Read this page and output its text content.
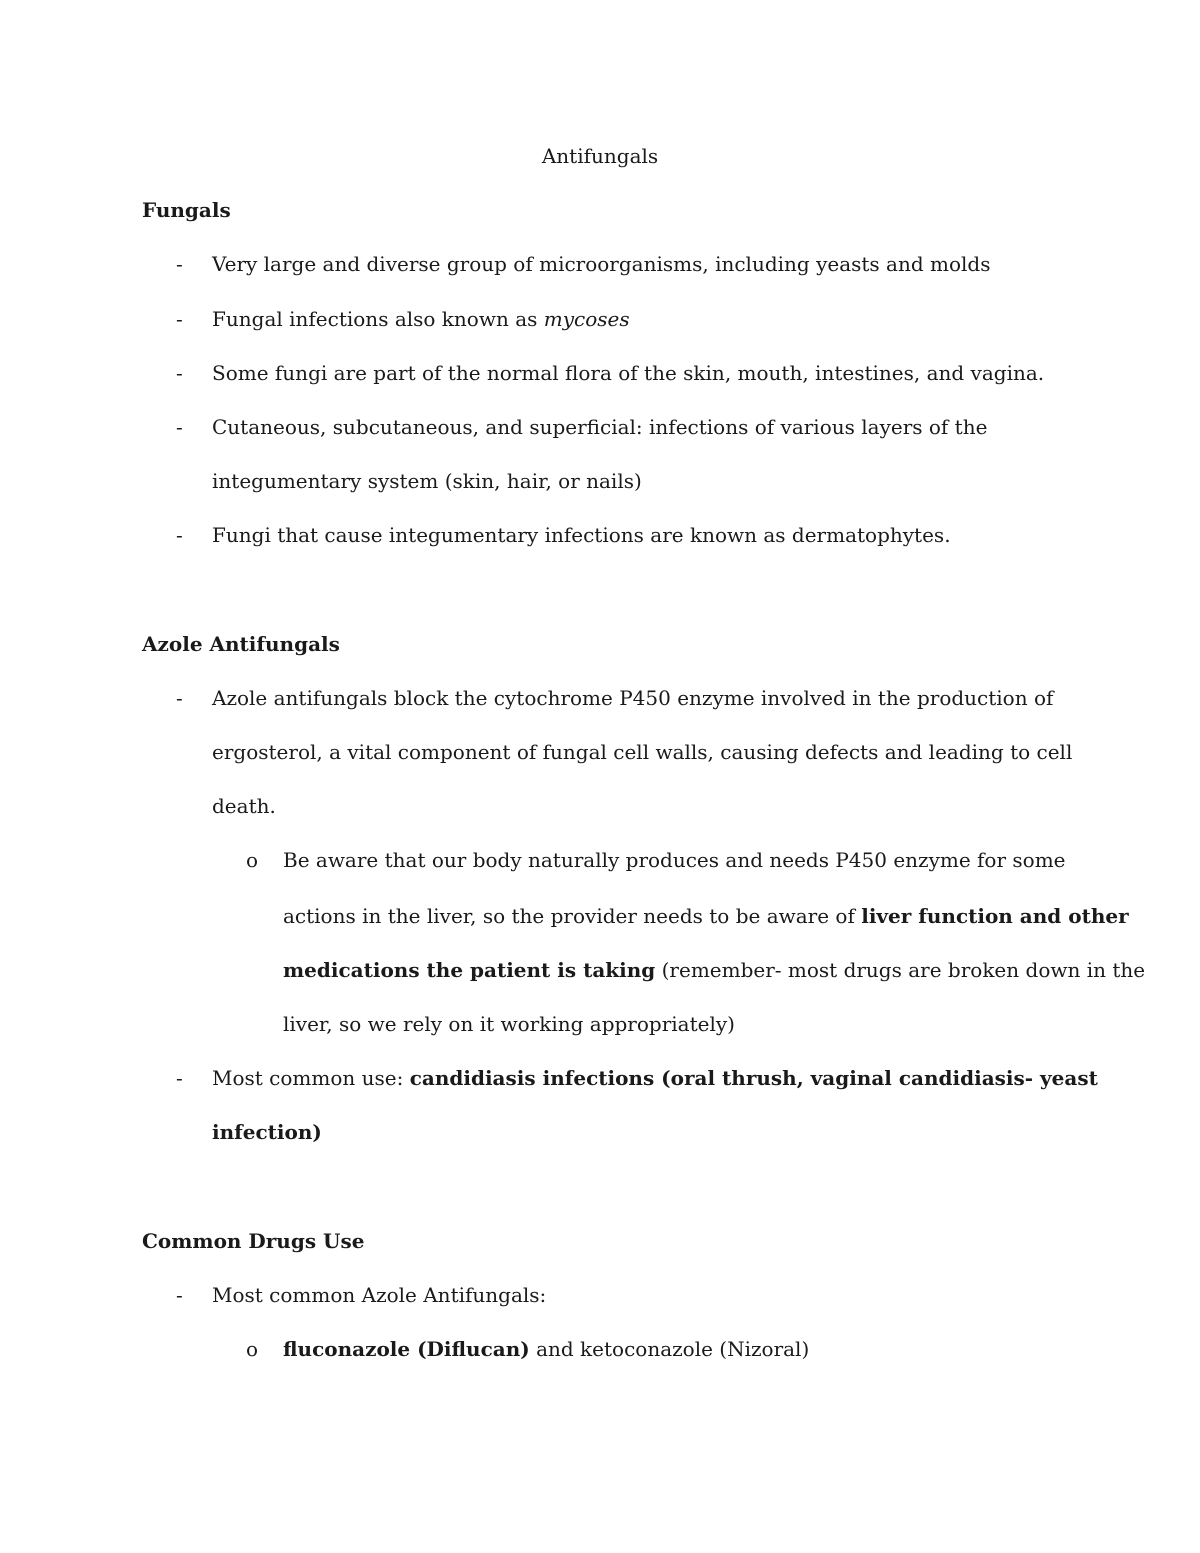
Antifungals
Fungals
- Very large and diverse group of microorganisms, including yeasts and molds
- Fungal infections also known as mycoses
- Some fungi are part of the normal flora of the skin, mouth, intestines, and vagina.
- Cutaneous, subcutaneous, and superficial: infections of various layers of the
integumentary system (skin, hair, or nails)
- Fungi that cause integumentary infections are known as dermatophytes.
Azole Antifungals
- Azole antifungals block the cytochrome P450 enzyme involved in the production of
ergosterol, a vital component of fungal cell walls, causing defects and leading to cell
death.
o Be aware that our body naturally produces and needs P450 enzyme for some
actions in the liver, so the provider needs to be aware of liver function and other
medications the patient is taking (remember- most drugs are broken down in the
liver, so we rely on it working appropriately)
- Most common use: candidiasis infections (oral thrush, vaginal candidiasis- yeast
infection)
Common Drugs Use
- Most common Azole Antifungals:
o fluconazole (Diflucan) and ketoconazole (Nizoral)
